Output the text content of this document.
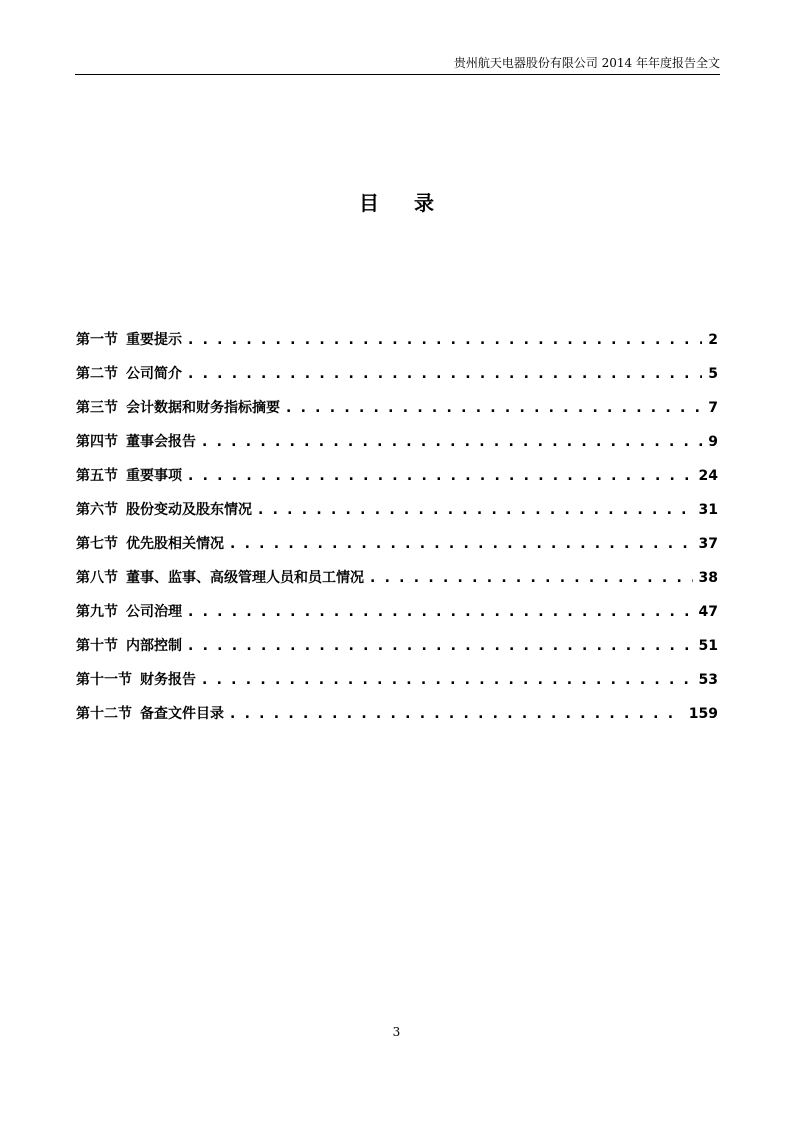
贵州航天电器股份有限公司 2014 年年度报告全文
目 录
第一节 重要提示 . . .	2
第二节 公司简介 . . .	5
第三节 会计数据和财务指标摘要 . . .	7
第四节 董事会报告 . . .	9
第五节 重要事项 . . .	24
第六节 股份变动及股东情况 . . .	31
第七节 优先股相关情况 . . .	37
第八节 董事、监事、高级管理人员和员工情况 . . .	38
第九节 公司治理 . . .	47
第十节 内部控制 . . .	51
第十一节 财务报告 . . .	53
第十二节 备查文件目录 . . .	159
3
